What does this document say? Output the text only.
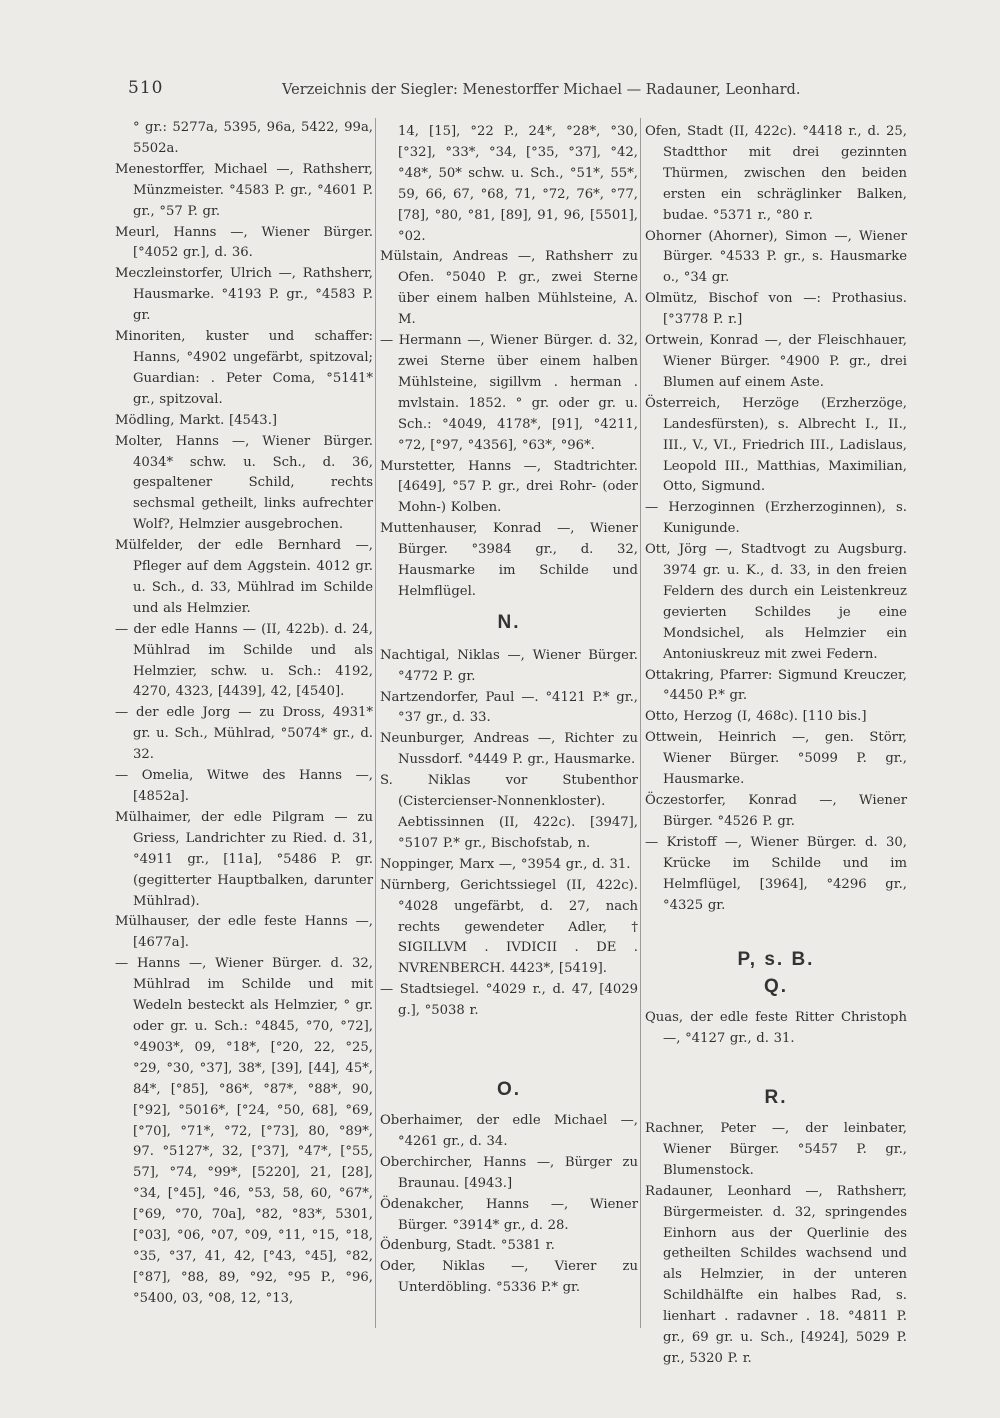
510	Verzeichnis der Siegler: Menestorffer Michael — Radauner, Leonhard.

° gr.: 5277a, 5395, 96a, 5422, 99a, 5502a.

Menestorffer, Michael —, Rathsherr, Münzmeister. °4583 P. gr., °4601 P. gr., °57 P. gr.

Meurl, Hanns —, Wiener Bürger. [°4052 gr.], d. 36.

Meczleinstorfer, Ulrich —, Rathsherr, Hausmarke. °4193 P. gr., °4583 P. gr.

Minoriten, kuster und schaffer: Hanns, °4902 ungefärbt, spitzoval; Guardian: . Peter Coma, °5141* gr., spitzoval.

Mödling, Markt. [4543.]

Molter, Hanns —, Wiener Bürger. 4034* schw. u. Sch., d. 36, gespaltener Schild, rechts sechsmal getheilt, links aufrechter Wolf?, Helmzier ausgebrochen.

Mülfelder, der edle Bernhard —, Pfleger auf dem Aggstein. 4012 gr. u. Sch., d. 33, Mühlrad im Schilde und als Helmzier.

— der edle Hanns — (II, 422b). d. 24, Mühlrad im Schilde und als Helmzier, schw. u. Sch.: 4192, 4270, 4323, [4439], 42, [4540].

— der edle Jorg — zu Dross, 4931* gr. u. Sch., Mühlrad, °5074* gr., d. 32.

— Omelia, Witwe des Hanns —, [4852a].

Mülhaimer, der edle Pilgram — zu Griess, Landrichter zu Ried. d. 31, °4911 gr., [11a], °5486 P. gr. (gegitterter Hauptbalken, darunter Mühlrad).

Mülhauser, der edle feste Hanns —, [4677a].

— Hanns —, Wiener Bürger. d. 32, Mühlrad im Schilde und mit Wedeln besteckt als Helmzier, ° gr. oder gr. u. Sch.: °4845, °70, °72], °4903*, 09, °18*, [°20, 22, °25, °29, °30, °37], 38*, [39], [44], 45*, 84*, [°85], °86*, °87*, °88*, 90, [°92], °5016*, [°24, °50, 68], °69, [°70], °71*, °72, [°73], 80, °89*, 97. °5127*, 32, [°37], °47*, [°55, 57], °74, °99*, [5220], 21, [28], °34, [°45], °46, °53, 58, 60, °67*, [°69, °70, 70a], °82, °83*, 5301, [°03], °06, °07, °09, °11, °15, °18, °35, °37, 41, 42, [°43, °45], °82, [°87], °88, 89, °92, °95 P., °96, °5400, 03, °08, 12, °13,

14, [15], °22 P., 24*, °28*, °30, [°32], °33*, °34, [°35, °37], °42, °48*, 50* schw. u. Sch., °51*, 55*, 59, 66, 67, °68, 71, °72, 76*, °77, [78], °80, °81, [89], 91, 96, [5501], °02.

Mülstain, Andreas —, Rathsherr zu Ofen. °5040 P. gr., zwei Sterne über einem halben Mühlsteine, A. M.

— Hermann —, Wiener Bürger. d. 32, zwei Sterne über einem halben Mühlsteine, sigillvm . herman . mvlstain. 1852. ° gr. oder gr. u. Sch.: °4049, 4178*, [91], °4211, °72, [°97, °4356], °63*, °96*.

Murstetter, Hanns —, Stadtrichter. [4649], °57 P. gr., drei Rohr- (oder Mohn-) Kolben.

Muttenhauser, Konrad —, Wiener Bürger. °3984 gr., d. 32, Hausmarke im Schilde und Helmflügel.

N.

Nachtigal, Niklas —, Wiener Bürger. °4772 P. gr.

Nartzendorfer, Paul —. °4121 P.* gr., °37 gr., d. 33.

Neunburger, Andreas —, Richter zu Nussdorf. °4449 P. gr., Hausmarke.

S. Niklas vor Stubenthor (Cistercienser-Nonnenkloster). Aebtissinnen (II, 422c). [3947], °5107 P.* gr., Bischofstab, n.

Noppinger, Marx —, °3954 gr., d. 31.

Nürnberg, Gerichtssiegel (II, 422c). °4028 ungefärbt, d. 27, nach rechts gewendeter Adler, † SIGILLVM . IVDICII . DE . NVRENBERCH. 4423*, [5419].

— Stadtsiegel. °4029 r., d. 47, [4029 g.], °5038 r.

O.

Oberhaimer, der edle Michael —, °4261 gr., d. 34.

Oberchircher, Hanns —, Bürger zu Braunau. [4943.]

Ödenakcher, Hanns —, Wiener Bürger. °3914* gr., d. 28.

Ödenburg, Stadt. °5381 r.

Oder, Niklas —, Vierer zu Unterdöbling. °5336 P.* gr.

Ofen, Stadt (II, 422c). °4418 r., d. 25, Stadtthor mit drei gezinnten Thürmen, zwischen den beiden ersten ein schräglinker Balken, budae. °5371 r., °80 r.

Ohorner (Ahorner), Simon —, Wiener Bürger. °4533 P. gr., s. Hausmarke o., °34 gr.

Olmütz, Bischof von —: Prothasius. [°3778 P. r.]

Ortwein, Konrad —, der Fleischhauer, Wiener Bürger. °4900 P. gr., drei Blumen auf einem Aste.

Österreich, Herzöge (Erzherzöge, Landesfürsten), s. Albrecht I., II., III., V., VI., Friedrich III., Ladislaus, Leopold III., Matthias, Maximilian, Otto, Sigmund.

— Herzoginnen (Erzherzoginnen), s. Kunigunde.

Ott, Jörg —, Stadtvogt zu Augsburg. 3974 gr. u. K., d. 33, in den freien Feldern des durch ein Leistenkreuz gevierten Schildes je eine Mondsichel, als Helmzier ein Antoniuskreuz mit zwei Federn.

Ottakring, Pfarrer: Sigmund Kreuczer, °4450 P.* gr.

Otto, Herzog (I, 468c). [110 bis.]

Ottwein, Heinrich —, gen. Störr, Wiener Bürger. °5099 P. gr., Hausmarke.

Öczestorfer, Konrad —, Wiener Bürger. °4526 P. gr.

— Kristoff —, Wiener Bürger. d. 30, Krücke im Schilde und im Helmflügel, [3964], °4296 gr., °4325 gr.

P, s. B.
Q.

Quas, der edle feste Ritter Christoph —, °4127 gr., d. 31.

R.

Rachner, Peter —, der leinbater, Wiener Bürger. °5457 P. gr., Blumenstock.

Radauner, Leonhard —, Rathsherr, Bürgermeister. d. 32, springendes Einhorn aus der Querlinie des getheilten Schildes wachsend und als Helmzier, in der unteren Schildhälfte ein halbes Rad, s. lienhart . radavner . 18. °4811 P. gr., 69 gr. u. Sch., [4924], 5029 P. gr., 5320 P. r.
